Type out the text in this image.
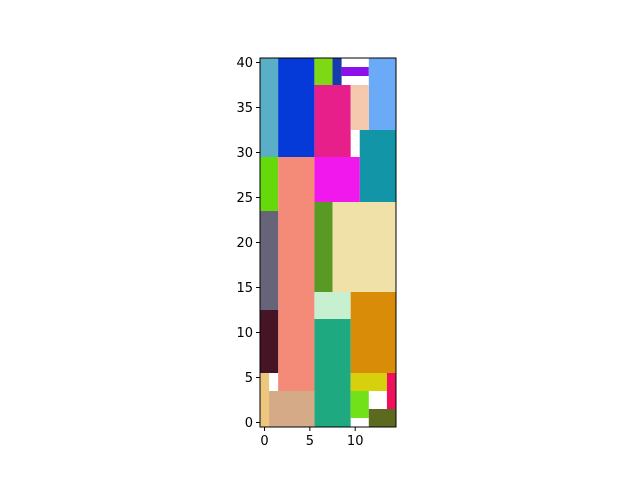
0	5	10
0
5
10
15
20
25
30
35
40
